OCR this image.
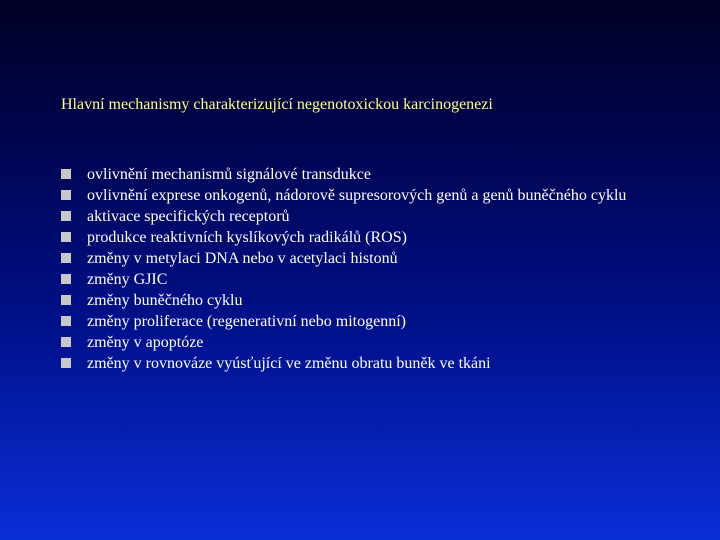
Hlavní mechanismy charakterizující negenotoxickou karcinogenezi
ovlivnění mechanismů signálové transdukce
ovlivnění exprese onkogenů, nádorově supresorových genů a genů buněčného cyklu
aktivace specifických receptorů
produkce reaktivních kyslíkových radikálů (ROS)
změny v metylaci DNA nebo v acetylaci histonů
změny GJIC
změny buněčného cyklu
změny proliferace (regenerativní nebo mitogenní)
změny v apoptóze
změny v rovnováze vyúsťující ve změnu obratu buněk ve tkáni
